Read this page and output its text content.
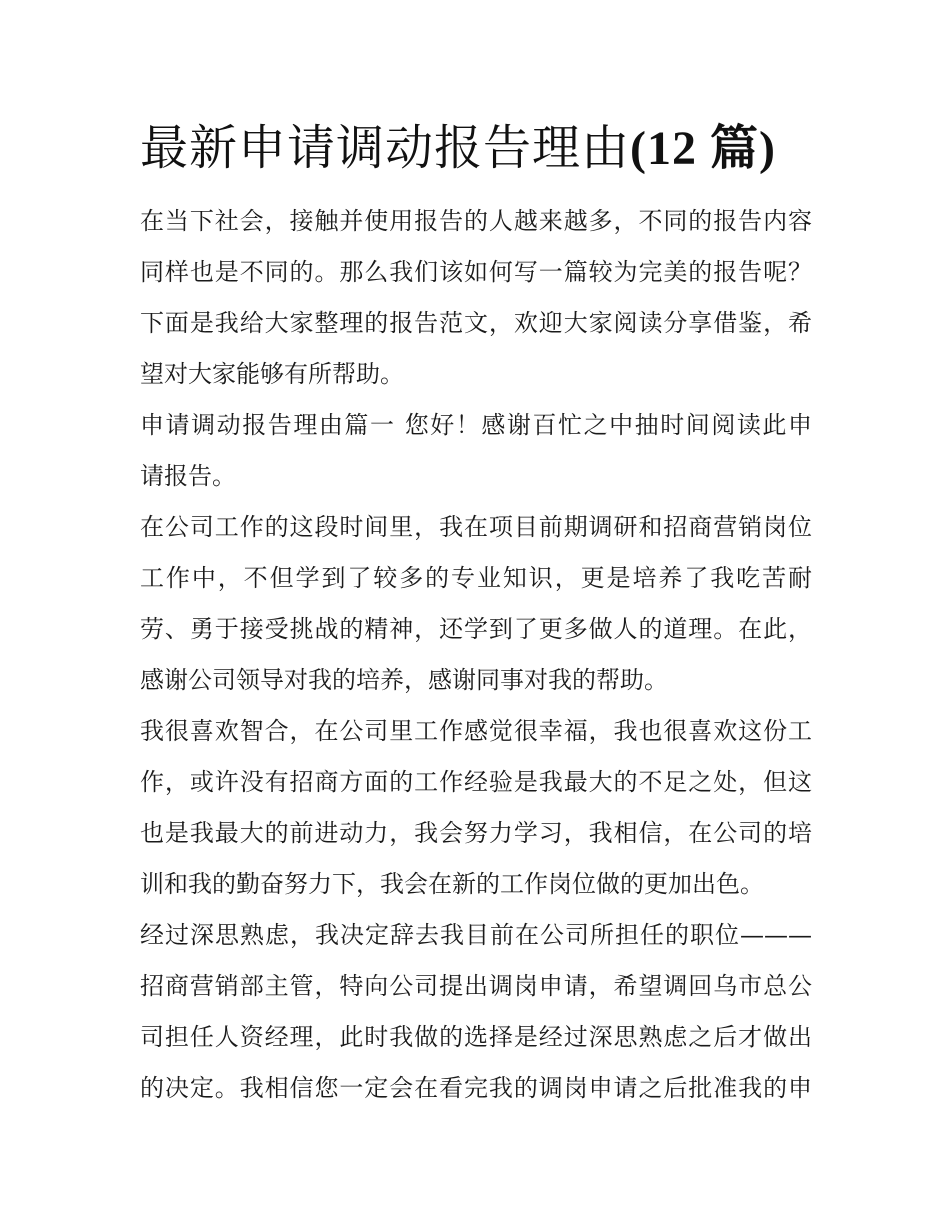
最新申请调动报告理由(12 篇)

在当下社会，接触并使用报告的人越来越多，不同的报告内容
同样也是不同的。那么我们该如何写一篇较为完美的报告呢？
下面是我给大家整理的报告范文，欢迎大家阅读分享借鉴，希
望对大家能够有所帮助。

申请调动报告理由篇一 您好！感谢百忙之中抽时间阅读此申
请报告。

在公司工作的这段时间里，我在项目前期调研和招商营销岗位
工作中，不但学到了较多的专业知识，更是培养了我吃苦耐
劳、勇于接受挑战的精神，还学到了更多做人的道理。在此，
感谢公司领导对我的培养，感谢同事对我的帮助。

我很喜欢智合，在公司里工作感觉很幸福，我也很喜欢这份工
作，或许没有招商方面的工作经验是我最大的不足之处，但这
也是我最大的前进动力，我会努力学习，我相信，在公司的培
训和我的勤奋努力下，我会在新的工作岗位做的更加出色。

经过深思熟虑，我决定辞去我目前在公司所担任的职位———
招商营销部主管，特向公司提出调岗申请，希望调回乌市总公
司担任人资经理，此时我做的选择是经过深思熟虑之后才做出
的决定。我相信您一定会在看完我的调岗申请之后批准我的申
